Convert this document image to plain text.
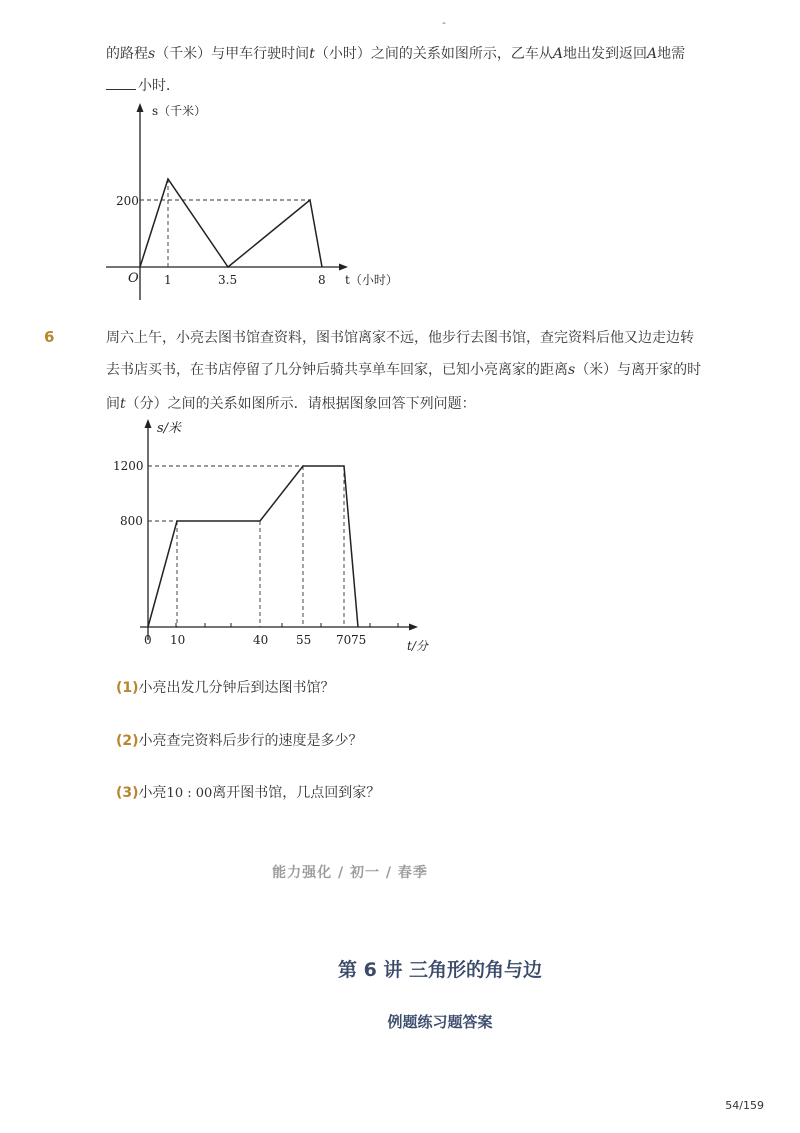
-
的路程s（千米）与甲车行驶时间t（小时）之间的关系如图所示，乙车从A地出发到返回A地需
小时．
s（千米）
200
O 1	3.5	8 t（小时）
6	周六上午，小亮去图书馆查资料，图书馆离家不远，他步行去图书馆，查完资料后他又边走边转
去书店买书，在书店停留了几分钟后骑共享单车回家，已知小亮离家的距离s（米）与离开家的时
间t（分）之间的关系如图所示．请根据图象回答下列问题：
s/米
1200
800
0 10	40 55 70 75	t/分
(1)小亮出发几分钟后到达图书馆？
(2)小亮查完资料后步行的速度是多少？
(3)小亮10 : 00离开图书馆，几点回到家？
能力强化 / 初一 / 春季
第 6 讲 三角形的角与边
例题练习题答案
54/159
